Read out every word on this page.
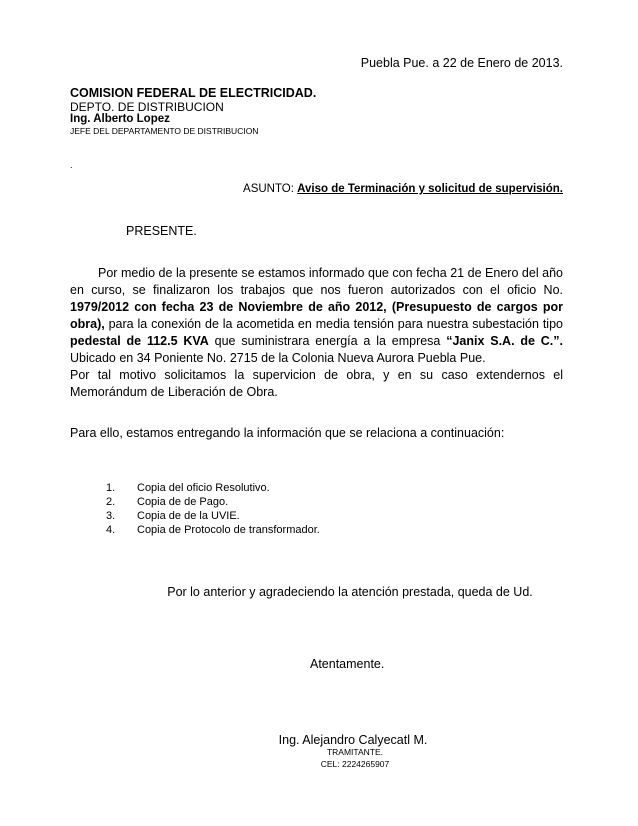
Puebla Pue. a 22 de Enero de 2013.
COMISION FEDERAL DE ELECTRICIDAD.
DEPTO. DE DISTRIBUCION
Ing. Alberto Lopez
JEFE DEL DEPARTAMENTO DE DISTRIBUCION
.
ASUNTO: Aviso de Terminación y solicitud de supervisión.
PRESENTE.
Por medio de la presente se estamos informado que con fecha 21 de Enero del año en curso, se finalizaron los trabajos que nos fueron autorizados con el oficio No. 1979/2012 con fecha 23 de Noviembre de año 2012, (Presupuesto de cargos por obra), para la conexión de la acometida en media tensión para nuestra subestación tipo pedestal de 112.5 KVA que suministrara energía a la empresa “Janix S.A. de C.”. Ubicado en 34 Poniente No. 2715 de la Colonia Nueva Aurora Puebla Pue.
Por tal motivo solicitamos la supervicion de obra, y en su caso extendernos el Memorándum de Liberación de Obra.
Para ello, estamos entregando la información que se relaciona a continuación:
1.	Copia del oficio Resolutivo.
2.	Copia de de Pago.
3.	Copia de de la UVIE.
4.	Copia de Protocolo de transformador.
Por lo anterior y agradeciendo la atención prestada, queda de Ud.
Atentamente.
Ing. Alejandro Calyecatl M.
TRAMITANTE.
CEL: 2224265907
